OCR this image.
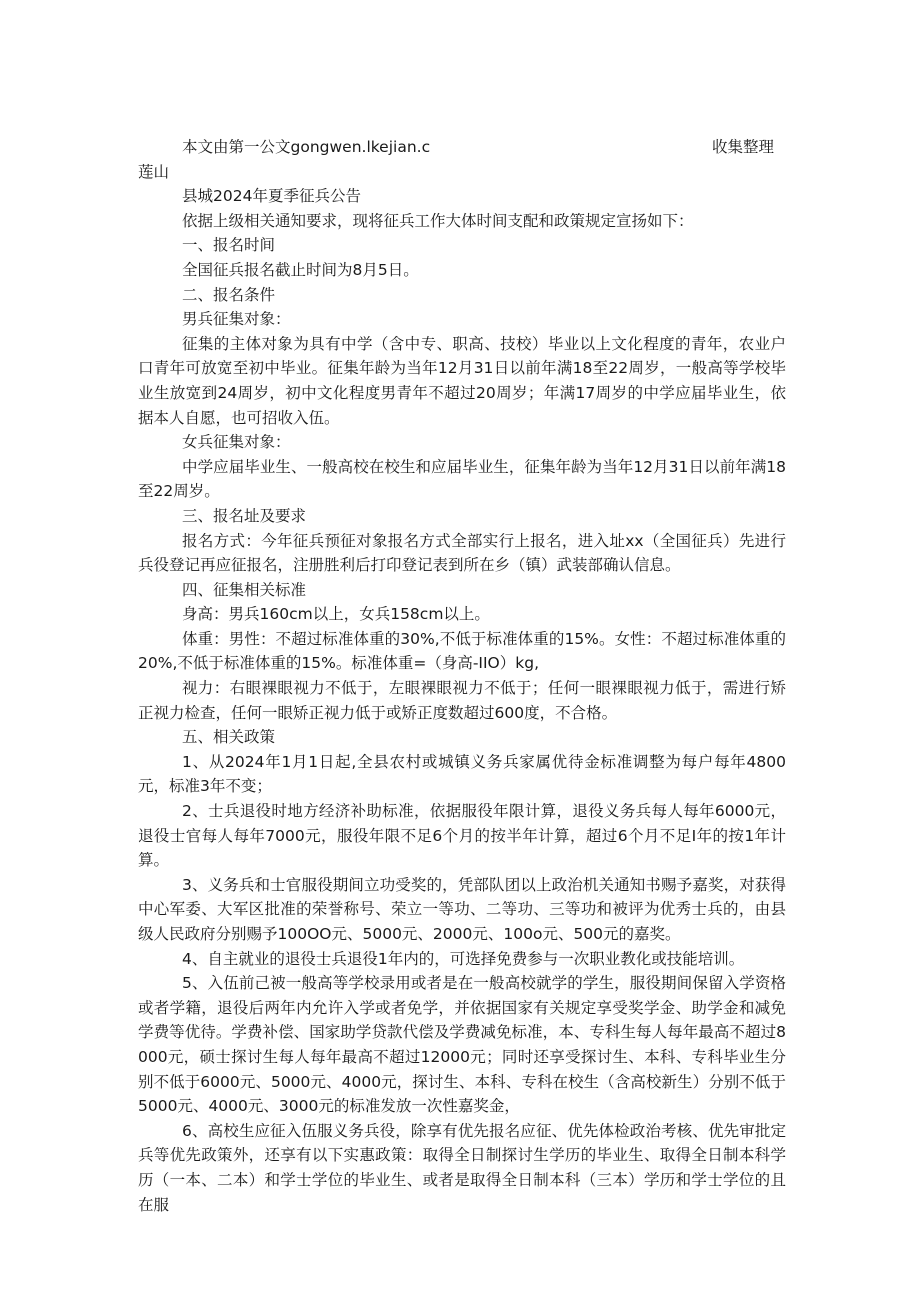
本文由第一公文gongwen.lkejian.c	收集整理

莲山

县城2024年夏季征兵公告

依据上级相关通知要求，现将征兵工作大体时间支配和政策规定宣扬如下：

一、报名时间

全国征兵报名截止时间为8月5日。

二、报名条件

男兵征集对象：

征集的主体对象为具有中学（含中专、职高、技校）毕业以上文化程度的青年，农业户口青年可放宽至初中毕业。征集年龄为当年12月31日以前年满18至22周岁，一般高等学校毕业生放宽到24周岁，初中文化程度男青年不超过20周岁；年满17周岁的中学应届毕业生，依据本人自愿，也可招收入伍。

女兵征集对象：

中学应届毕业生、一般高校在校生和应届毕业生，征集年龄为当年12月31日以前年满18至22周岁。

三、报名址及要求

报名方式：今年征兵预征对象报名方式全部实行上报名，进入址xx（全国征兵）先进行兵役登记再应征报名，注册胜利后打印登记表到所在乡（镇）武装部确认信息。

四、征集相关标准

身高：男兵160cm以上，女兵158cm以上。

体重：男性：不超过标准体重的30%,不低于标准体重的15%。女性：不超过标准体重的20%,不低于标准体重的15%。标准体重=（身高-IIO）kg,

视力：右眼裸眼视力不低于，左眼裸眼视力不低于；任何一眼裸眼视力低于，需进行矫正视力检查，任何一眼矫正视力低于或矫正度数超过600度，不合格。

五、相关政策

1、从2024年1月1日起,全县农村或城镇义务兵家属优待金标准调整为每户每年4800元，标准3年不变；

2、士兵退役时地方经济补助标准，依据服役年限计算，退役义务兵每人每年6000元，退役士官每人每年7000元，服役年限不足6个月的按半年计算，超过6个月不足I年的按1年计算。

3、义务兵和士官服役期间立功受奖的，凭部队团以上政治机关通知书赐予嘉奖，对获得中心军委、大军区批准的荣誉称号、荣立一等功、二等功、三等功和被评为优秀士兵的，由县级人民政府分别赐予100OO元、5000元、2000元、100o元、500元的嘉奖。

4、自主就业的退役士兵退役1年内的，可选择免费参与一次职业教化或技能培训。

5、入伍前己被一般高等学校录用或者是在一般高校就学的学生，服役期间保留入学资格或者学籍，退役后两年内允许入学或者免学，并依据国家有关规定享受奖学金、助学金和减免学费等优待。学费补偿、国家助学贷款代偿及学费减免标准，本、专科生每人每年最高不超过8000元，硕士探讨生每人每年最高不超过12000元；同时还享受探讨生、本科、专科毕业生分别不低于6000元、5000元、4000元，探讨生、本科、专科在校生（含高校新生）分别不低于5000元、4000元、3000元的标准发放一次性嘉奖金，

6、高校生应征入伍服义务兵役，除享有优先报名应征、优先体检政治考核、优先审批定兵等优先政策外，还享有以下实惠政策：取得全日制探讨生学历的毕业生、取得全日制本科学历（一本、二本）和学士学位的毕业生、或者是取得全日制本科（三本）学历和学士学位的且在服
